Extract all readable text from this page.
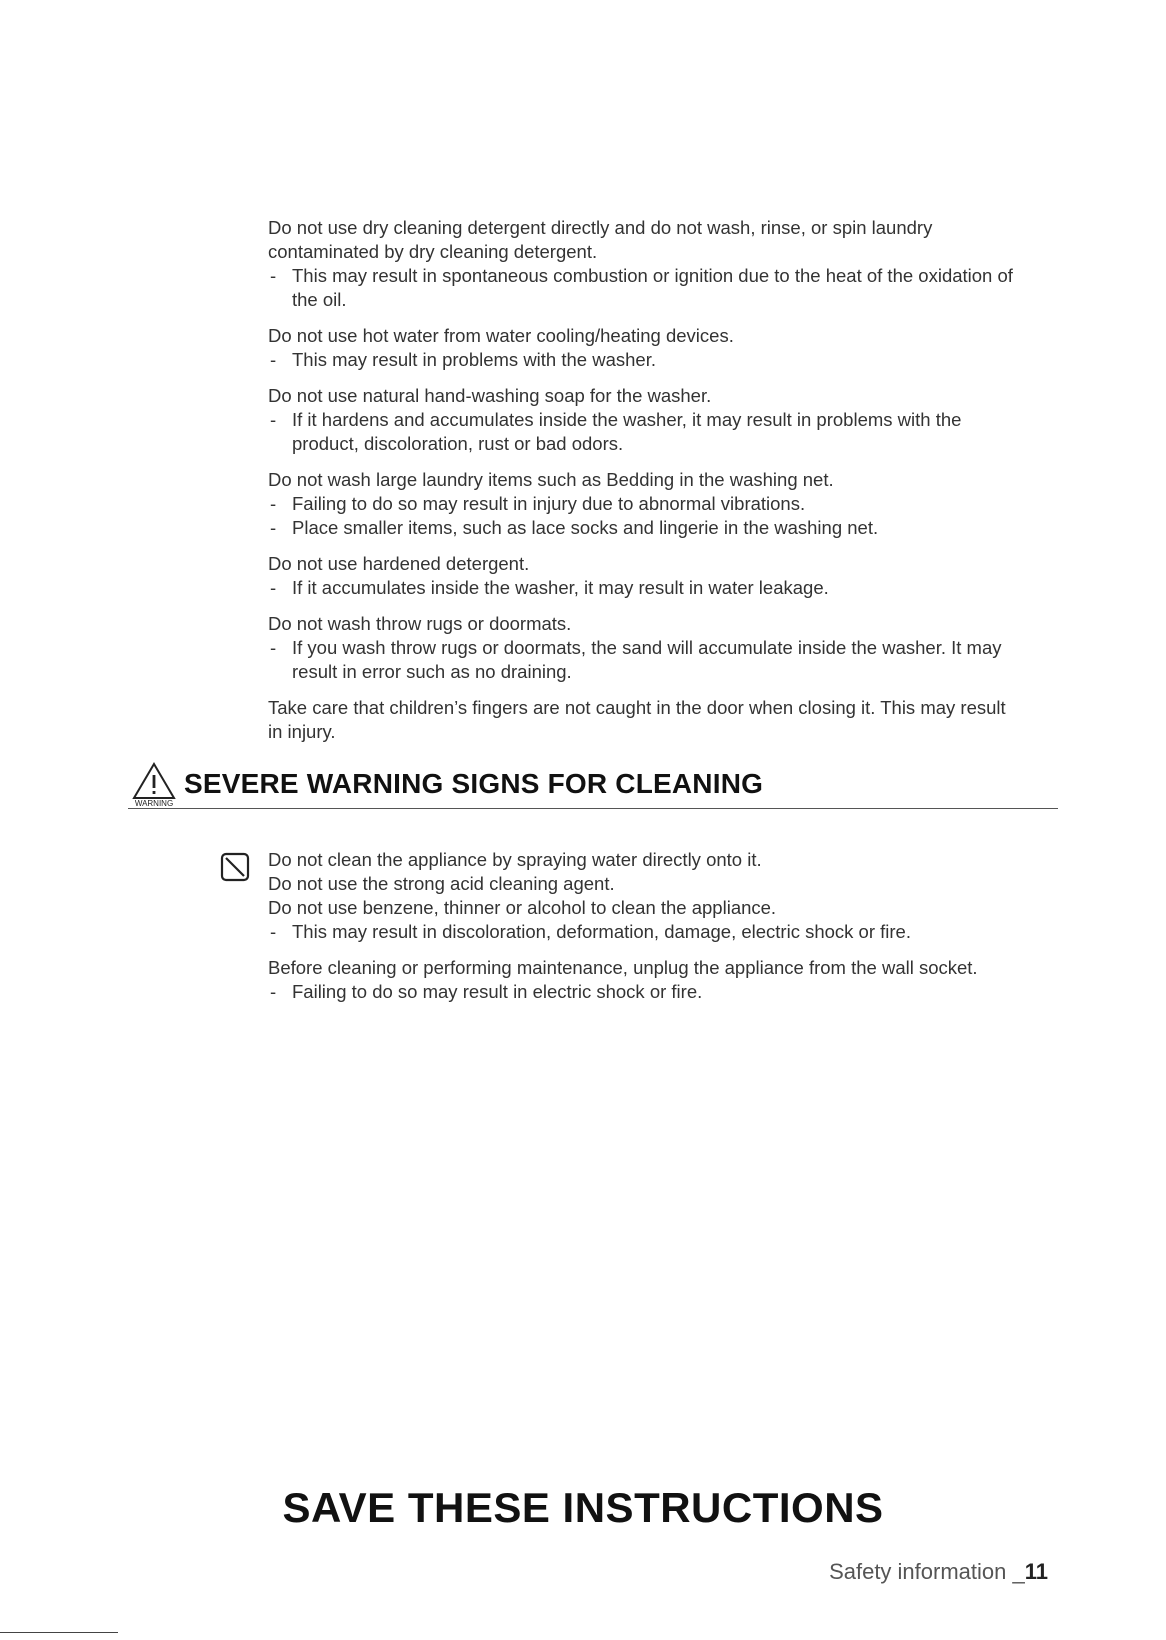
Do not use dry cleaning detergent directly and do not wash, rinse, or spin laundry
contaminated by dry cleaning detergent.
- This may result in spontaneous combustion or ignition due to the heat of the oxidation of
the oil.
Do not use hot water from water cooling/heating devices.
- This may result in problems with the washer.
Do not use natural hand-washing soap for the washer.
- If it hardens and accumulates inside the washer, it may result in problems with the
product, discoloration, rust or bad odors.
Do not wash large laundry items such as Bedding in the washing net.
- Failing to do so may result in injury due to abnormal vibrations.
- Place smaller items, such as lace socks and lingerie in the washing net.
Do not use hardened detergent.
- If it accumulates inside the washer, it may result in water leakage.
Do not wash throw rugs or doormats.
- If you wash throw rugs or doormats, the sand will accumulate inside the washer. It may
result in error such as no draining.
Take care that children’s fingers are not caught in the door when closing it. This may result
in injury.
WARNING
SEVERE WARNING SIGNS FOR CLEANING
Do not clean the appliance by spraying water directly onto it.
Do not use the strong acid cleaning agent.
Do not use benzene, thinner or alcohol to clean the appliance.
- This may result in discoloration, deformation, damage, electric shock or fire.
Before cleaning or performing maintenance, unplug the appliance from the wall socket.
- Failing to do so may result in electric shock or fire.
SAVE THESE INSTRUCTIONS
Safety information _11
